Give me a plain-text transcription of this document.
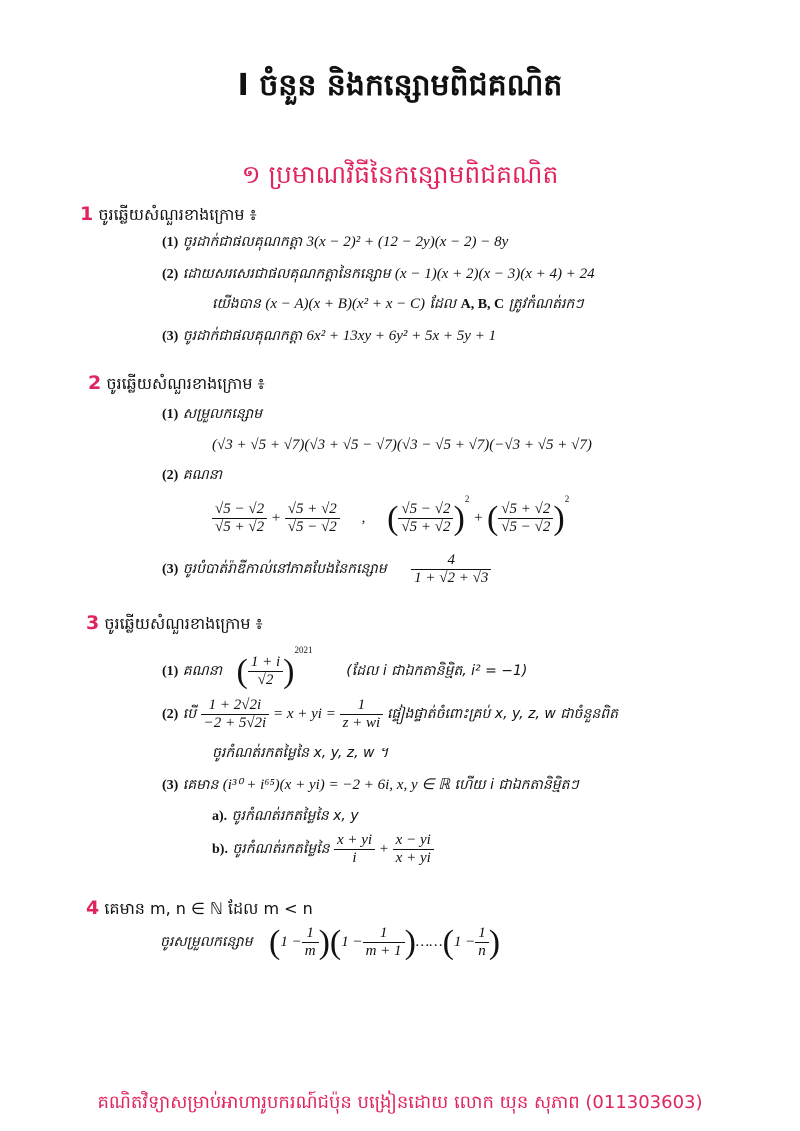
I ចំនួន និងកន្សោមពិជគណិត
១ ប្រមាណវិធីនៃកន្សោមពិជគណិត
1 ចូរឆ្លើយសំណួរខាងក្រោម ៖
(1) ចូរដាក់ជាផលគុណកត្តា 3(x − 2)² + (12 − 2y)(x − 2) − 8y
(2) ដោយសរសេរជាផលគុណកត្តានៃកន្សោម (x − 1)(x + 2)(x − 3)(x + 4) + 24
យើងបាន (x − A)(x + B)(x² + x − C) ដែល A, B, C ត្រូវកំណត់រកៗ
(3) ចូរដាក់ជាផលគុណកត្តា 6x² + 13xy + 6y² + 5x + 5y + 1
2 ចូរឆ្លើយសំណួរខាងក្រោម ៖
(1) សម្រួលកន្សោម
(√3 + √5 + √7)(√3 + √5 − √7)(√3 − √5 + √7)(−√3 + √5 + √7)
(2) គណនា
$\frac{√5 - √2}{√5 + √2} + \frac{√5 + √2}{√5 - √2}$ , ( $\frac{√5 - √2}{√5 + √2} )^2$ + ( $\frac{√5 + √2}{√5 - √2} )^2$
(3) ចូរបំបាត់រ៉ាឌីកាល់នៅភាគបែងនៃកន្សោម $\frac{4}{1 + √2 + √3}$
3 ចូរឆ្លើយសំណួរខាងក្រោម ៖
(1) គណនា ( $\frac{1 + i}{√2} )^{2021}$ (ដែល i ជាឯកតានិម្មិត, i² = −1)
(2) បើ $\frac{1 + 2√2i}{-2 + 5√2i} = x$ + yi = $\frac{1}{z + wi}$ ផ្ទៀងផ្ទាត់ចំពោះគ្រប់ x, y, z, w ជាចំនួនពិត
ចូរកំណត់រកតម្លៃនៃ x, y, z, w ។
(3) គេមាន (i³⁰ + i⁶⁵)(x + yi) = −2 + 6i, x, y ∈ ℝ ហើយ i ជាឯកតានិម្មិតៗ
a). ចូរកំណត់រកតម្លៃនៃ x, y
b). ចូរកំណត់រកតម្លៃនៃ $\frac{x + yi}{i} + \frac{x - yi}{x + yi}$
4 គេមាន m, n ∈ ℕ ដែល m < n
ចូរសម្រួលកន្សោម $(1 - \frac{1}{m} )(1 - \frac{1}{m + 1}$ )……(1 − $\frac{1}{n}$ )
គណិតវិទ្យាសម្រាប់អាហារូបករណ៍ជប៉ុន បង្រៀនដោយ លោក យុន សុភាព (011303603)
